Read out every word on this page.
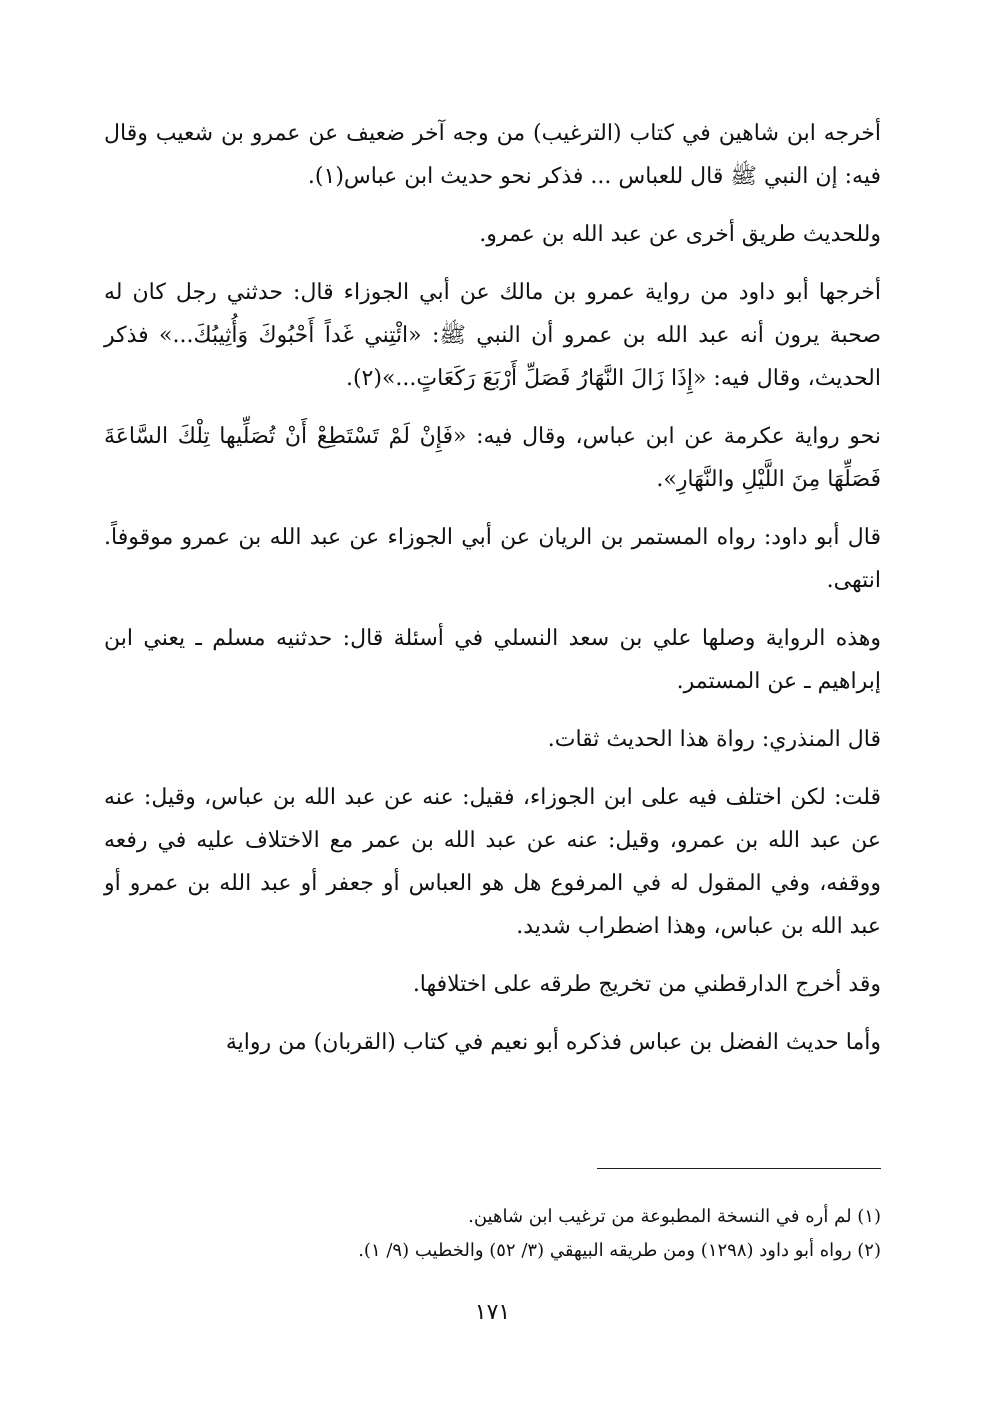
أخرجه ابن شاهين في كتاب (الترغيب) من وجه آخر ضعيف عن عمرو بن شعيب وقال فيه: إن النبي ﷺ قال للعباس ... فذكر نحو حديث ابن عباس(١).

وللحديث طريق أخرى عن عبد الله بن عمرو.

أخرجها أبو داود من رواية عمرو بن مالك عن أبي الجوزاء قال: حدثني رجل كان له صحبة يرون أنه عبد الله بن عمرو أن النبي ﷺ: «ائْتِني غَداً أَحْبُوكَ وَأُثِيبُكَ...» فذكر الحديث، وقال فيه: «إِذَا زَالَ النَّهَارُ فَصَلِّ أَرْبَعَ رَكَعَاتٍ...»(٢).

نحو رواية عكرمة عن ابن عباس، وقال فيه: «فَإِنْ لَمْ تَسْتَطِعْ أَنْ تُصَلِّيها تِلْكَ السَّاعَةَ فَصَلِّهَا مِنَ اللَّيْلِ والنَّهَارِ».

قال أبو داود: رواه المستمر بن الريان عن أبي الجوزاء عن عبد الله بن عمرو موقوفاً. انتهى.

وهذه الرواية وصلها علي بن سعد النسلي في أسئلة قال: حدثنيه مسلم ـ يعني ابن إبراهيم ـ عن المستمر.

قال المنذري: رواة هذا الحديث ثقات.

قلت: لكن اختلف فيه على ابن الجوزاء، فقيل: عنه عن عبد الله بن عباس، وقيل: عنه عن عبد الله بن عمرو، وقيل: عنه عن عبد الله بن عمر مع الاختلاف عليه في رفعه ووقفه، وفي المقول له في المرفوع هل هو العباس أو جعفر أو عبد الله بن عمرو أو عبد الله بن عباس، وهذا اضطراب شديد.

وقد أخرج الدارقطني من تخريج طرقه على اختلافها.

وأما حديث الفضل بن عباس فذكره أبو نعيم في كتاب (القربان) من رواية

(١) لم أره في النسخة المطبوعة من ترغيب ابن شاهين.

(٢) رواه أبو داود (١٢٩٨) ومن طريقه البيهقي (٣/ ٥٢) والخطيب (٩/ ١).

١٧١
